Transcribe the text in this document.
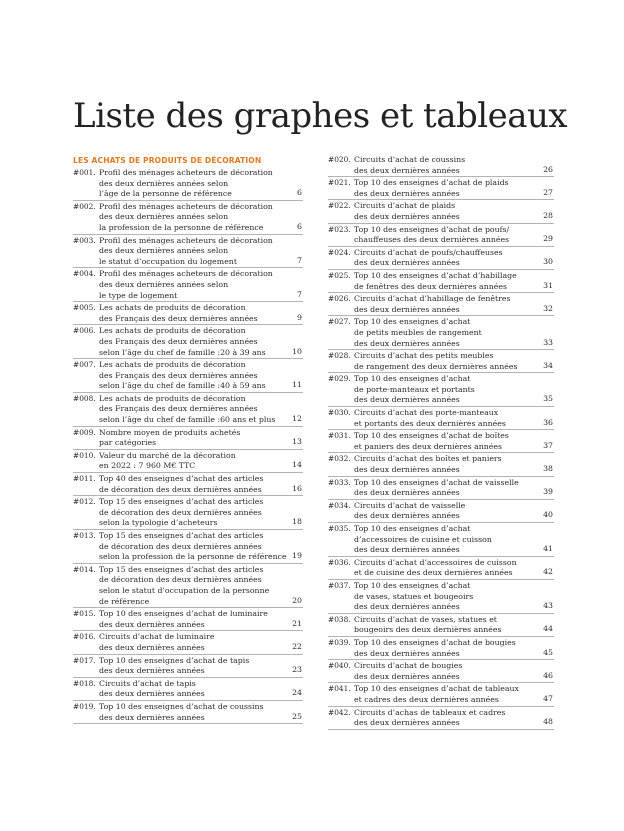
Liste des graphes et tableaux
LES ACHATS DE PRODUITS DE DÉCORATION
#001. Profil des ménages acheteurs de décoration
des deux dernières années selon
l’âge de la personne de référence	6
#002. Profil des ménages acheteurs de décoration
des deux dernières années selon
la profession de la personne de référence	6
#003. Profil des ménages acheteurs de décoration
des deux dernières années selon
le statut d’occupation du logement	7
#004. Profil des ménages acheteurs de décoration
des deux dernières années selon
le type de logement	7
#005. Les achats de produits de décoration
des Français des deux dernières années	9
#006. Les achats de produits de décoration
des Français des deux dernières années
selon l’âge du chef de famille :20 à 39 ans	10
#007. Les achats de produits de décoration
des Français des deux dernières années
selon l’âge du chef de famille :40 à 59 ans	11
#008. Les achats de produits de décoration
des Français des deux dernières années
selon l’âge du chef de famille :60 ans et plus	12
#009. Nombre moyen de produits achetés
par catégories	13
#010. Valeur du marché de la décoration
en 2022 : 7 960 M€ TTC	14
#011. Top 40 des enseignes d’achat des articles
de décoration des deux dernières années	16
#012. Top 15 des enseignes d’achat des articles
de décoration des deux dernières années
selon la typologie d’acheteurs	18
#013. Top 15 des enseignes d’achat des articles
de décoration des deux dernières années
selon la profession de la personne de référence 19
#014. Top 15 des enseignes d’achat des articles
de décoration des deux dernières années
selon le statut d’occupation de la personne
de référence	20
#015. Top 10 des enseignes d’achat de luminaire
des deux dernières années	21
#016. Circuits d’achat de luminaire
des deux dernières années	22
#017. Top 10 des enseignes d’achat de tapis
des deux dernières années	23
#018. Circuits d’achat de tapis
des deux dernières années	24
#019. Top 10 des enseignes d’achat de coussins
des deux dernières années	25
#020. Circuits d’achat de coussins
des deux dernières années	26
#021. Top 10 des enseignes d’achat de plaids
des deux dernières années	27
#022. Circuits d’achat de plaids
des deux dernières années	28
#023. Top 10 des enseignes d’achat de poufs/
chauffeuses des deux dernières années	29
#024. Circuits d’achat de poufs/chauffeuses
des deux dernières années	30
#025. Top 10 des enseignes d’achat d’habillage
de fenêtres des deux dernières années	31
#026. Circuits d’achat d’habillage de fenêtres
des deux dernières années	32
#027. Top 10 des enseignes d’achat
de petits meubles de rangement
des deux dernières années	33
#028. Circuits d’achat des petits meubles
de rangement des deux dernières années	34
#029. Top 10 des enseignes d’achat
de porte-manteaux et portants
des deux dernières années	35
#030. Circuits d’achat des porte-manteaux
et portants des deux dernières années	36
#031. Top 10 des enseignes d’achat de boîtes
et paniers des deux dernières années	37
#032. Circuits d’achat des boîtes et paniers
des deux dernières années	38
#033. Top 10 des enseignes d’achat de vaisselle
des deux dernières années	39
#034. Circuits d’achat de vaisselle
des deux dernières années	40
#035. Top 10 des enseignes d’achat
d’accessoires de cuisine et cuisson
des deux dernières années	41
#036. Circuits d’achat d’accessoires de cuisson
et de cuisine des deux dernières années	42
#037. Top 10 des enseignes d’achat
de vases, statues et bougeoirs
des deux dernières années	43
#038. Circuits d’achat de vases, statues et
bougeoirs des deux dernières années	44
#039. Top 10 des enseignes d’achat de bougies
des deux dernières années	45
#040. Circuits d’achat de bougies
des deux dernières années	46
#041. Top 10 des enseignes d’achat de tableaux
et cadres des deux dernières années	47
#042. Circuits d’achas de tableaux et cadres
des deux dernières années	48
